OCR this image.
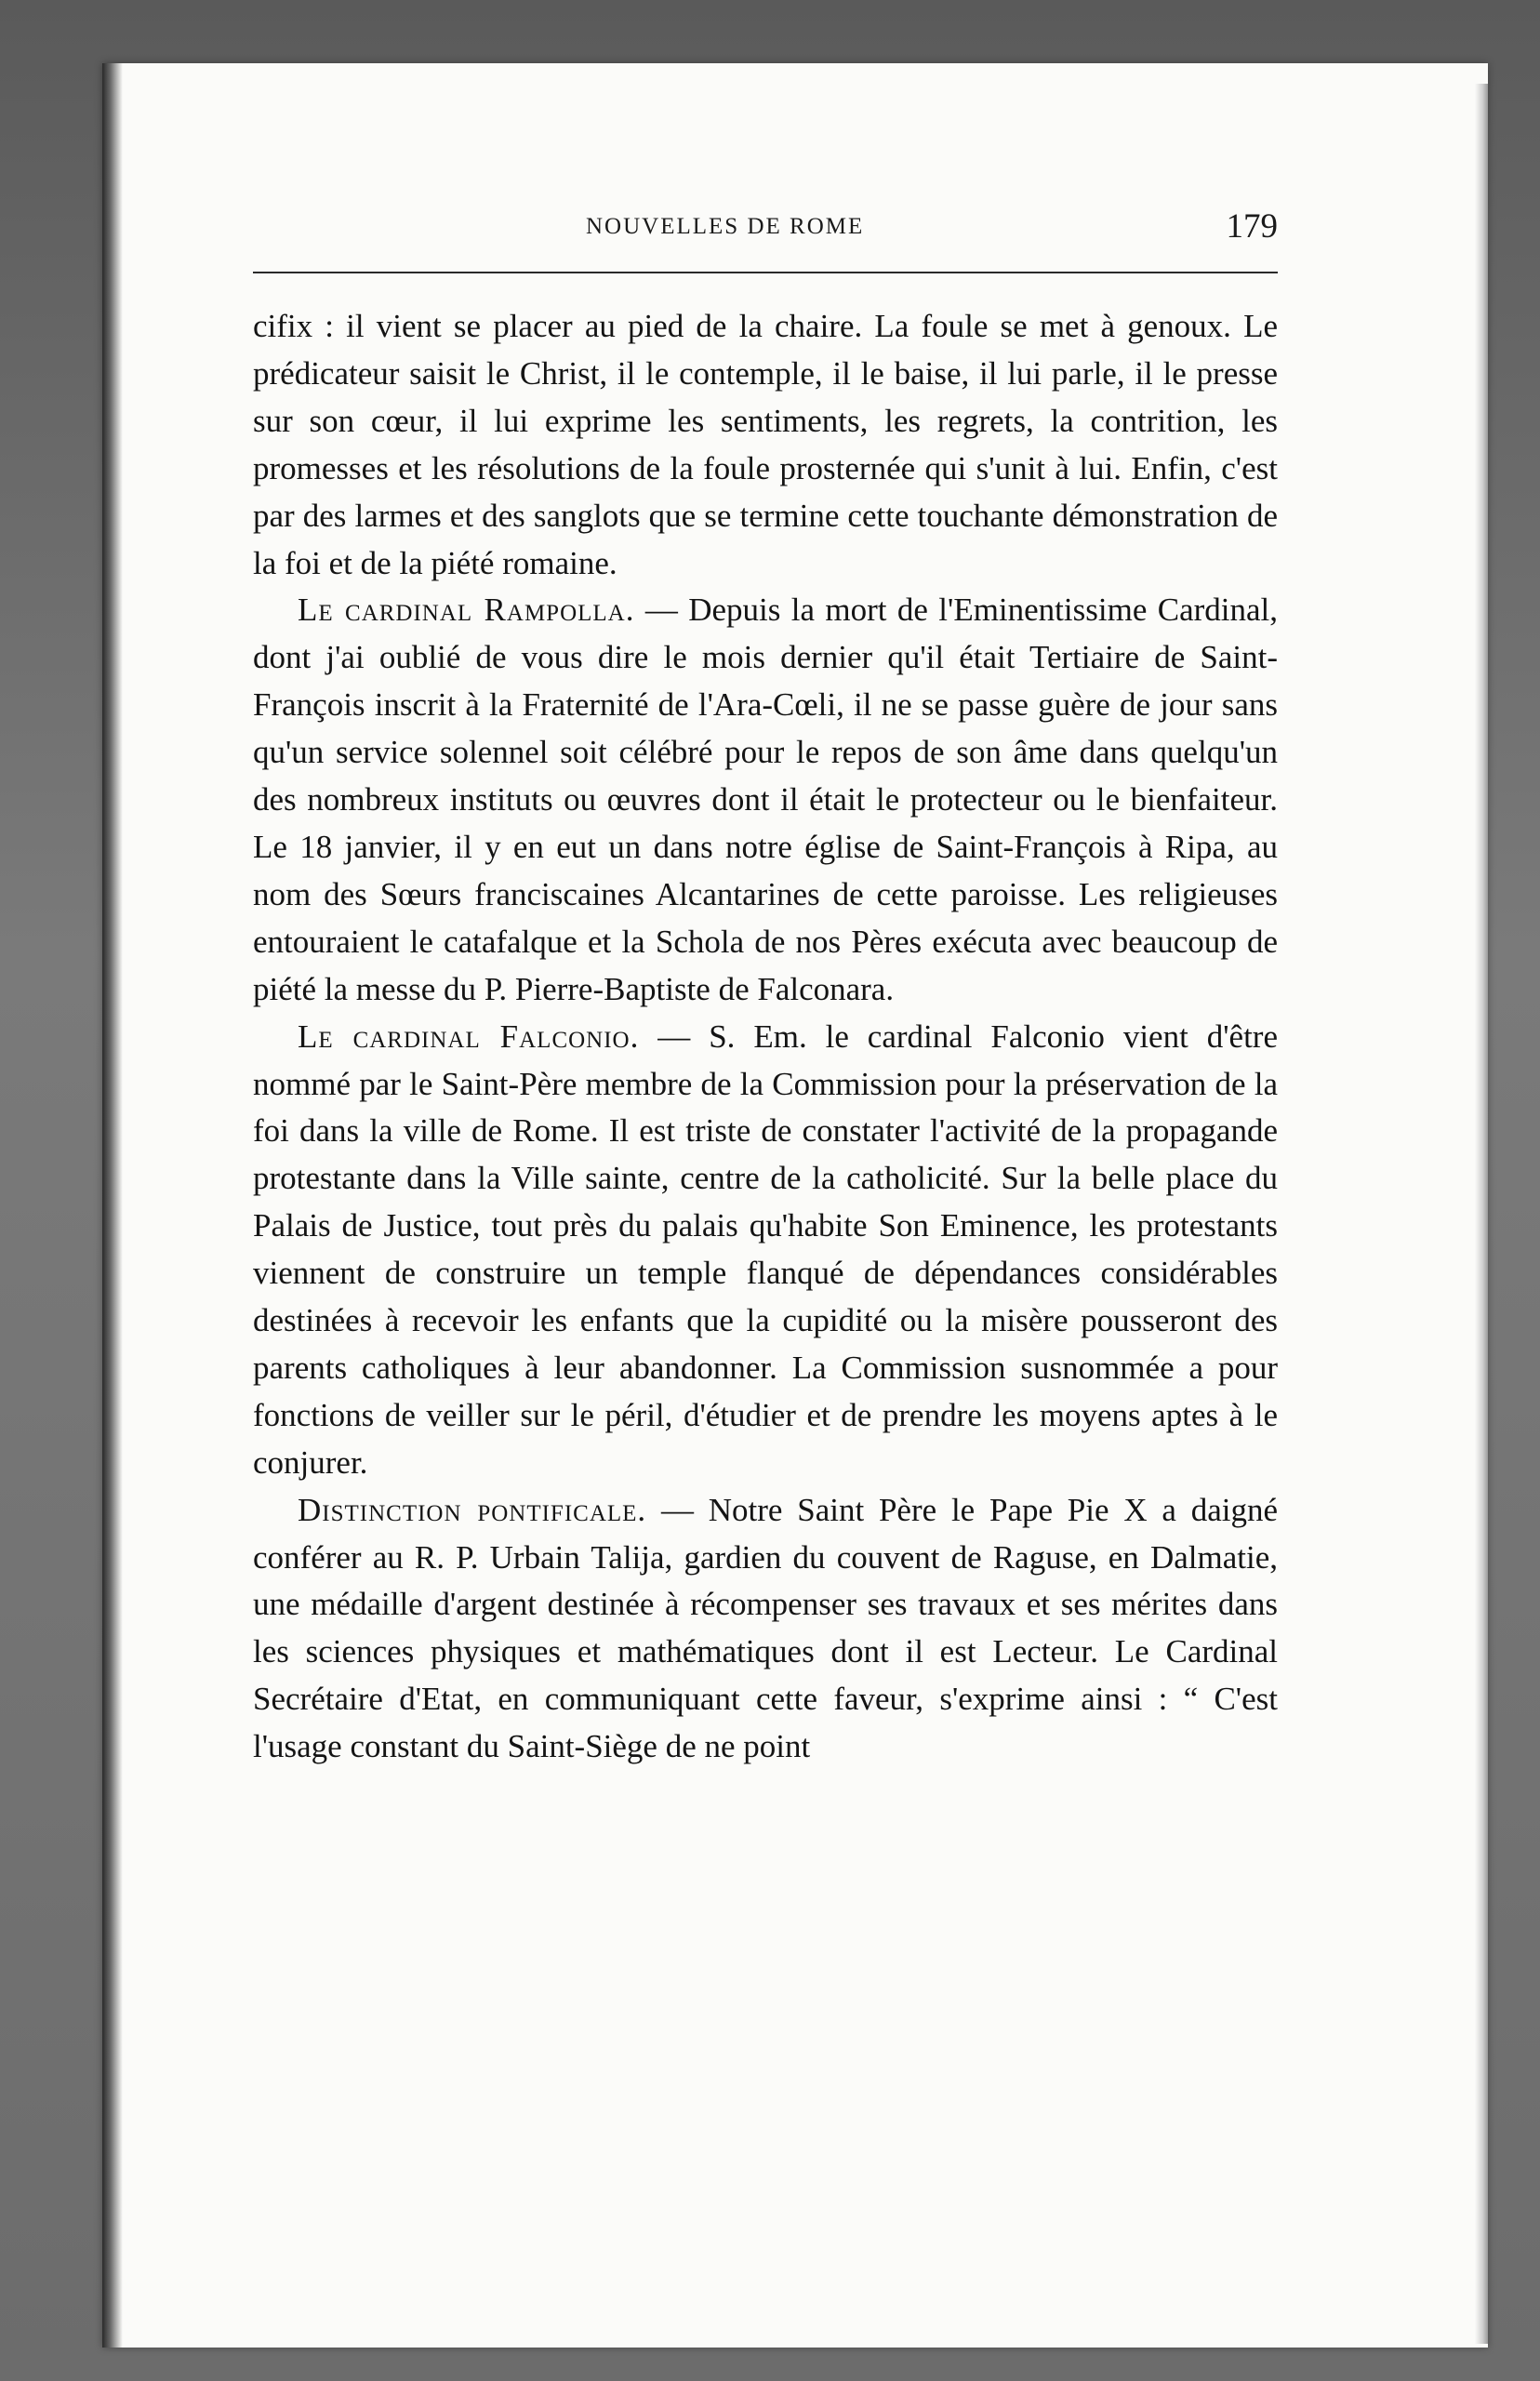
NOUVELLES DE ROME	179

cifix : il vient se placer au pied de la chaire. La foule se met à genoux. Le prédicateur saisit le Christ, il le contemple, il le baise, il lui parle, il le presse sur son cœur, il lui exprime les sentiments, les regrets, la contrition, les promesses et les résolutions de la foule prosternée qui s'unit à lui. Enfin, c'est par des larmes et des sanglots que se termine cette touchante démonstration de la foi et de la piété romaine.

Le cardinal Rampolla. — Depuis la mort de l'Eminentissime Cardinal, dont j'ai oublié de vous dire le mois dernier qu'il était Tertiaire de Saint-François inscrit à la Fraternité de l'Ara-Cœli, il ne se passe guère de jour sans qu'un service solennel soit célébré pour le repos de son âme dans quelqu'un des nombreux instituts ou œuvres dont il était le protecteur ou le bienfaiteur. Le 18 janvier, il y en eut un dans notre église de Saint-François à Ripa, au nom des Sœurs franciscaines Alcantarines de cette paroisse. Les religieuses entouraient le catafalque et la Schola de nos Pères exécuta avec beaucoup de piété la messe du P. Pierre-Baptiste de Falconara.

Le cardinal Falconio. — S. Em. le cardinal Falconio vient d'être nommé par le Saint-Père membre de la Commission pour la préservation de la foi dans la ville de Rome. Il est triste de constater l'activité de la propagande protestante dans la Ville sainte, centre de la catholicité. Sur la belle place du Palais de Justice, tout près du palais qu'habite Son Eminence, les protestants viennent de construire un temple flanqué de dépendances considérables destinées à recevoir les enfants que la cupidité ou la misère pousseront des parents catholiques à leur abandonner. La Commission susnommée a pour fonctions de veiller sur le péril, d'étudier et de prendre les moyens aptes à le conjurer.

Distinction pontificale. — Notre Saint Père le Pape Pie X a daigné conférer au R. P. Urbain Talija, gardien du couvent de Raguse, en Dalmatie, une médaille d'argent destinée à récompenser ses travaux et ses mérites dans les sciences physiques et mathématiques dont il est Lecteur. Le Cardinal Secrétaire d'Etat, en communiquant cette faveur, s'exprime ainsi : “ C'est l'usage constant du Saint-Siège de ne point
